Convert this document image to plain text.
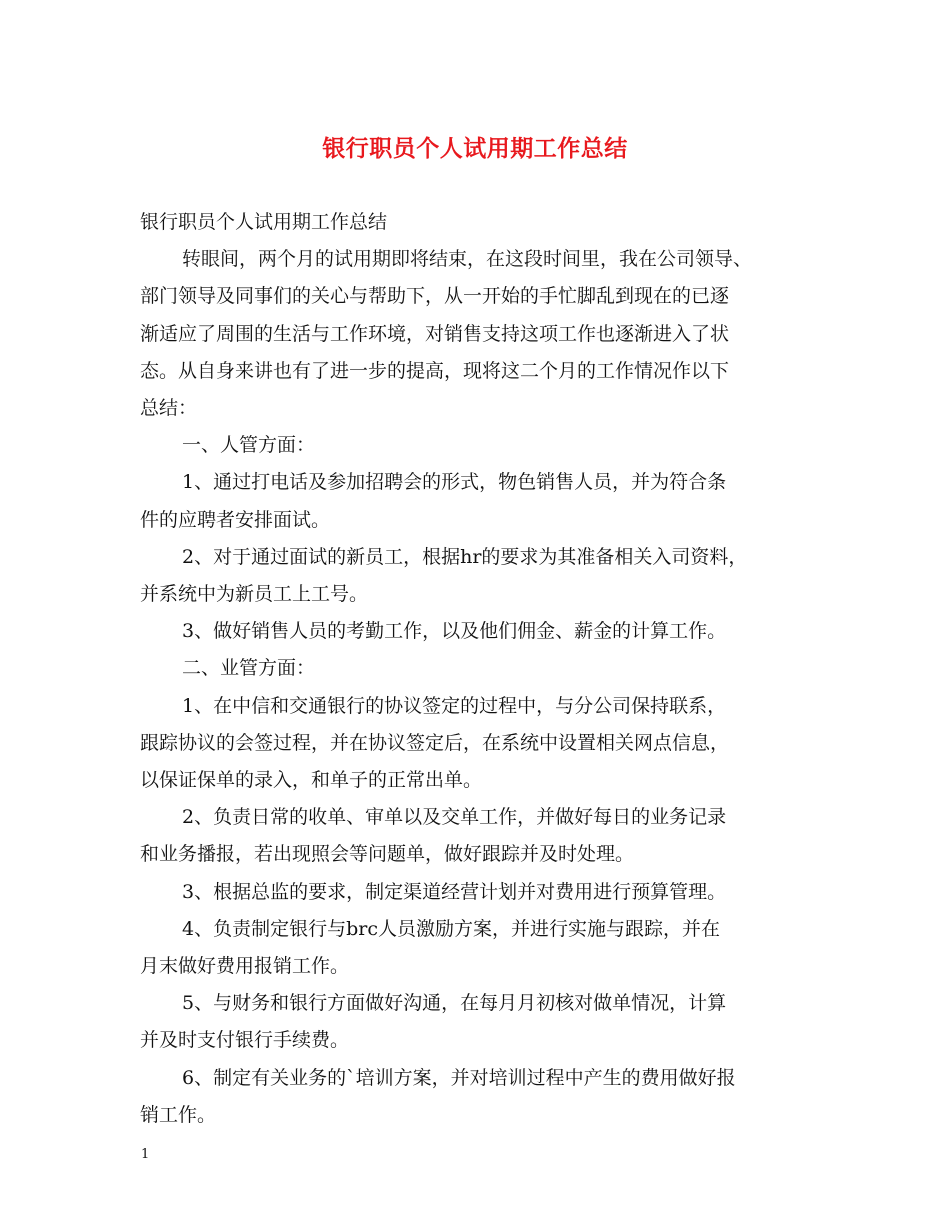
银行职员个人试用期工作总结

银行职员个人试用期工作总结

转眼间，两个月的试用期即将结束，在这段时间里，我在公司领导、

部门领导及同事们的关心与帮助下，从一开始的手忙脚乱到现在的已逐

渐适应了周围的生活与工作环境，对销售支持这项工作也逐渐进入了状

态。从自身来讲也有了进一步的提高，现将这二个月的工作情况作以下

总结：

一、人管方面：

1、通过打电话及参加招聘会的形式，物色销售人员，并为符合条

件的应聘者安排面试。

2、对于通过面试的新员工，根据hr的要求为其准备相关入司资料，

并系统中为新员工上工号。

3、做好销售人员的考勤工作，以及他们佣金、薪金的计算工作。

二、业管方面：

1、在中信和交通银行的协议签定的过程中，与分公司保持联系，

跟踪协议的会签过程，并在协议签定后，在系统中设置相关网点信息，

以保证保单的录入，和单子的正常出单。

2、负责日常的收单、审单以及交单工作，并做好每日的业务记录

和业务播报，若出现照会等问题单，做好跟踪并及时处理。

3、根据总监的要求，制定渠道经营计划并对费用进行预算管理。

4、负责制定银行与brc人员激励方案，并进行实施与跟踪，并在

月末做好费用报销工作。

5、与财务和银行方面做好沟通，在每月月初核对做单情况，计算

并及时支付银行手续费。

6、制定有关业务的`培训方案，并对培训过程中产生的费用做好报

销工作。

1
